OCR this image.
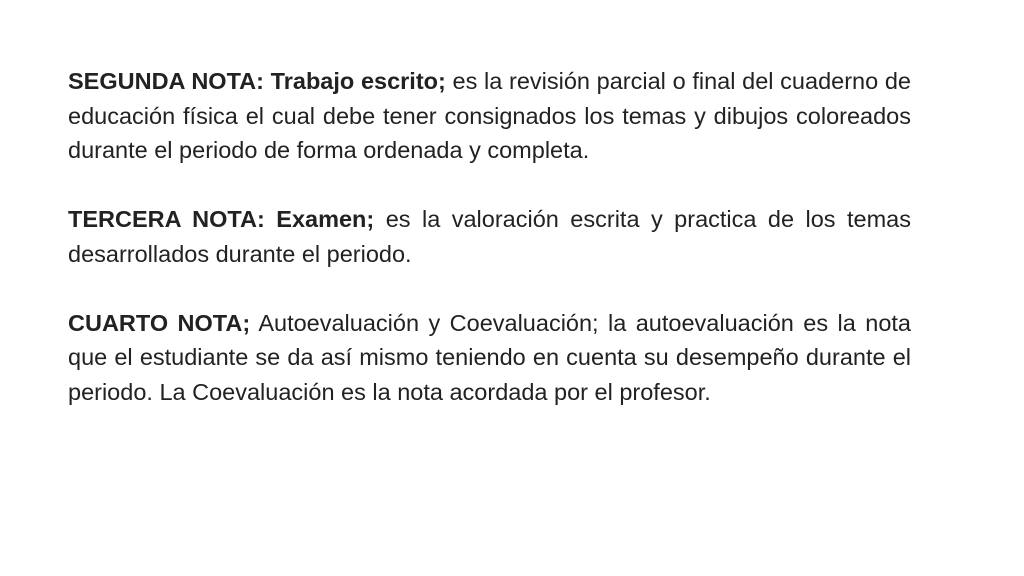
SEGUNDA NOTA: Trabajo escrito; es la revisión parcial o final del cuaderno de educación física el cual debe tener consignados los temas y dibujos coloreados durante el periodo de forma ordenada y completa.

TERCERA NOTA: Examen; es la valoración escrita y practica de los temas desarrollados durante el periodo.

CUARTO NOTA; Autoevaluación y Coevaluación; la autoevaluación es la nota que el estudiante se da así mismo teniendo en cuenta su desempeño durante el periodo. La Coevaluación es la nota acordada por el profesor.
